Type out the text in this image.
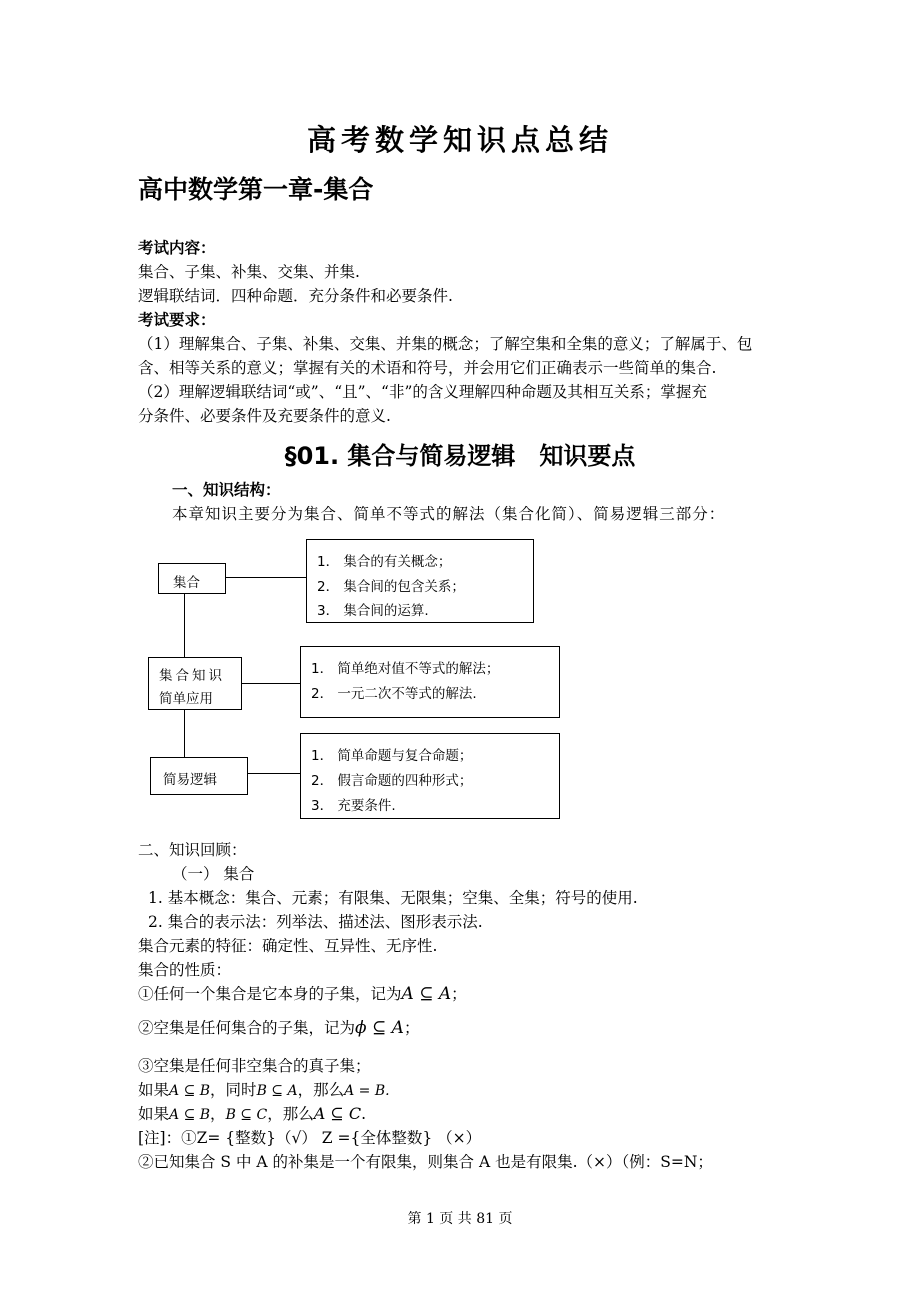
高考数学知识点总结
高中数学第一章-集合
考试内容：
集合、子集、补集、交集、并集.
逻辑联结词．四种命题．充分条件和必要条件.
考试要求：
（1）理解集合、子集、补集、交集、并集的概念；了解空集和全集的意义；了解属于、包
含、相等关系的意义；掌握有关的术语和符号，并会用它们正确表示一些简单的集合.
（2）理解逻辑联结词“或”、“且”、“非”的含义理解四种命题及其相互关系；掌握充
分条件、必要条件及充要条件的意义.
§01. 集合与简易逻辑　知识要点
一、知识结构：
本章知识主要分为集合、简单不等式的解法（集合化简）、简易逻辑三部分：
集合
集合知识
简单应用
简易逻辑
1． 集合的有关概念；
2． 集合间的包含关系；
3． 集合间的运算.
1． 简单绝对值不等式的解法；
2． 一元二次不等式的解法.
1． 简单命题与复合命题；
2． 假言命题的四种形式；
3． 充要条件.
二、知识回顾：
（一） 集合
1. 基本概念：集合、元素；有限集、无限集；空集、全集；符号的使用.
2. 集合的表示法：列举法、描述法、图形表示法.
集合元素的特征：确定性、互异性、无序性.
集合的性质：
①任何一个集合是它本身的子集，记为A ⊆ A；
②空集是任何集合的子集，记为ϕ ⊆ A；
③空集是任何非空集合的真子集；
如果A ⊆ B，同时B ⊆ A，那么A = B.
如果A ⊆ B，B ⊆ C，那么A ⊆ C.
[注]：①Z= {整数}（√） Z ={全体整数} （×）
②已知集合 S 中 A 的补集是一个有限集，则集合 A 也是有限集.（×）（例：S=N；
第 1 页 共 81 页
